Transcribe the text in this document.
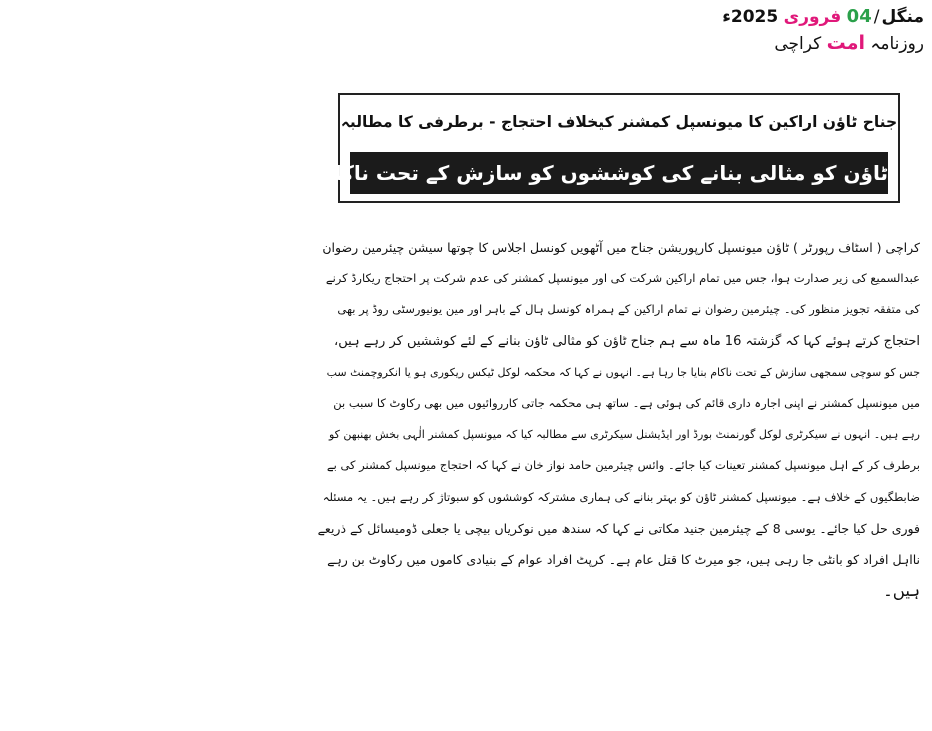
منگل/04 فروری 2025ء
روزنامہ امت کراچی
جناح ٹاؤن اراکین کا میونسپل کمشنر کیخلاف احتجاج - برطرفی کا مطالبہ
ٹاؤن کو مثالی بنانے کی کوششوں کو سازش کے تحت ناکام بنایا جا رہا ہے - چیئرمین رضوان
کراچی ( اسٹاف رپورٹر ) ٹاؤن میونسپل کارپوریشن جناح میں آٹھویں کونسل اجلاس کا چوتھا سیشن چیئرمین رضوان
عبدالسمیع کی زیر صدارت ہوا، جس میں تمام اراکین شرکت کی اور میونسپل کمشنر کی عدم شرکت پر احتجاج ریکارڈ کرنے
کی متفقہ تجویز منظور کی۔ چیئرمین رضوان نے تمام اراکین کے ہمراہ کونسل ہال کے باہر اور مین یونیورسٹی روڈ پر بھی
احتجاج کرتے ہوئے کہا کہ گزشتہ 16 ماہ سے ہم جناح ٹاؤن کو مثالی ٹاؤن بنانے کے لئے کوششیں کر رہے ہیں،
جس کو سوچی سمجھی سازش کے تحت ناکام بنایا جا رہا ہے۔ انہوں نے کہا کہ محکمہ لوکل ٹیکس ریکوری ہو یا انکروچمنٹ سب
میں میونسپل کمشنر نے اپنی اجارہ داری قائم کی ہوئی ہے۔ ساتھ ہی محکمہ جاتی کارروائیوں میں بھی رکاوٹ کا سبب بن
رہے ہیں۔ انہوں نے سیکرٹری لوکل گورنمنٹ بورڈ اور ایڈیشنل سیکرٹری سے مطالبہ کیا کہ میونسپل کمشنر الٰہی بخش بھنبھن کو
برطرف کر کے اہل میونسپل کمشنر تعینات کیا جائے۔ وائس چیئرمین حامد نواز خان نے کہا کہ احتجاج میونسپل کمشنر کی بے
ضابطگیوں کے خلاف ہے۔ میونسپل کمشنر ٹاؤن کو بہتر بنانے کی ہماری مشترکہ کوششوں کو سبوتاژ کر رہے ہیں۔ یہ مسئلہ
فوری حل کیا جائے۔ یوسی 8 کے چیئرمین جنید مکاتی نے کہا کہ سندھ میں نوکریاں بیچی یا جعلی ڈومیسائل کے ذریعے
نااہل افراد کو بانٹی جا رہی ہیں، جو میرٹ کا قتل عام ہے۔ کرپٹ افراد عوام کے بنیادی کاموں میں رکاوٹ بن رہے
ہیں۔
